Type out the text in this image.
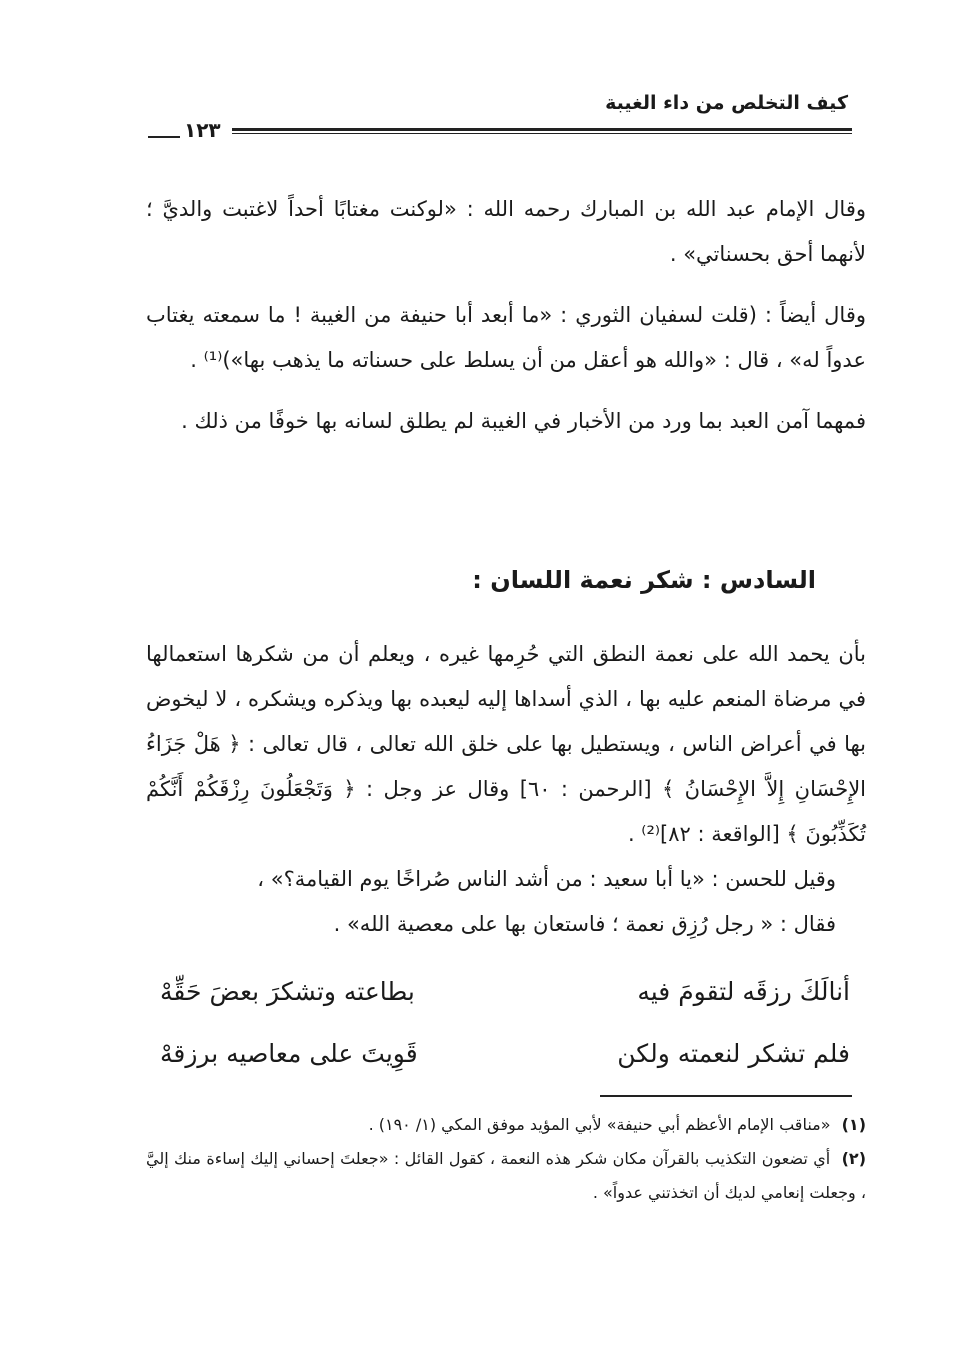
كيف التخلص من داء الغيبة
١٢٣

وقال الإمام عبد الله بن المبارك رحمه الله : «لوكنت مغتابًا أحداً لاغتبت والديَّ ؛ لأنهما أحق بحسناتي» .

وقال أيضاً : (قلت لسفيان الثوري : «ما أبعد أبا حنيفة من الغيبة ! ما سمعته يغتاب عدواً له» ، قال : «والله هو أعقل من أن يسلط على حسناته ما يذهب بها»)⁽¹⁾ .

فمهما آمن العبد بما ورد من الأخبار في الغيبة لم يطلق لسانه بها خوفًا من ذلك .

السادس : شكر نعمة اللسان :

بأن يحمد الله على نعمة النطق التي حُرِمها غيره ، ويعلم أن من شكرها استعمالها في مرضاة المنعم عليه بها ، الذي أسداها إليه ليعبده بها ويذكره ويشكره ، لا ليخوض بها في أعراض الناس ، ويستطيل بها على خلق الله تعالى ، قال تعالى : ﴿ هَلْ جَزَاءُ الإِحْسَانِ إِلاَّ الإِحْسَانُ ﴾ [الرحمن : ٦٠] وقال عز وجل : ﴿ وَتَجْعَلُونَ رِزْقَكُمْ أَنَّكُمْ تُكَذِّبُونَ ﴾ [الواقعة : ٨٢]⁽²⁾ .

وقيل للحسن : «يا أبا سعيد : من أشد الناس صُراخًا يوم القيامة؟» ،

فقال : « رجل رُزِق نعمة ؛ فاستعان بها على معصية الله» .

أنالَكَ رزقَه لتقومَ فيه
بطاعته وتشكرَ بعضَ حَقِّهْ
فلم تشكر لنعمته ولكن
قَوِيتَ على معاصيه برزقهْ

(١) «مناقب الإمام الأعظم أبي حنيفة» لأبي المؤيد موفق المكي (١/ ١٩٠) .

(٢) أي تضعون التكذيب بالقرآن مكان شكر هذه النعمة ، كقول القائل : «جعلتَ إحساني إليك إساءة منك إليَّ ، وجعلت إنعامي لديك أن اتخذتني عدواً» .
